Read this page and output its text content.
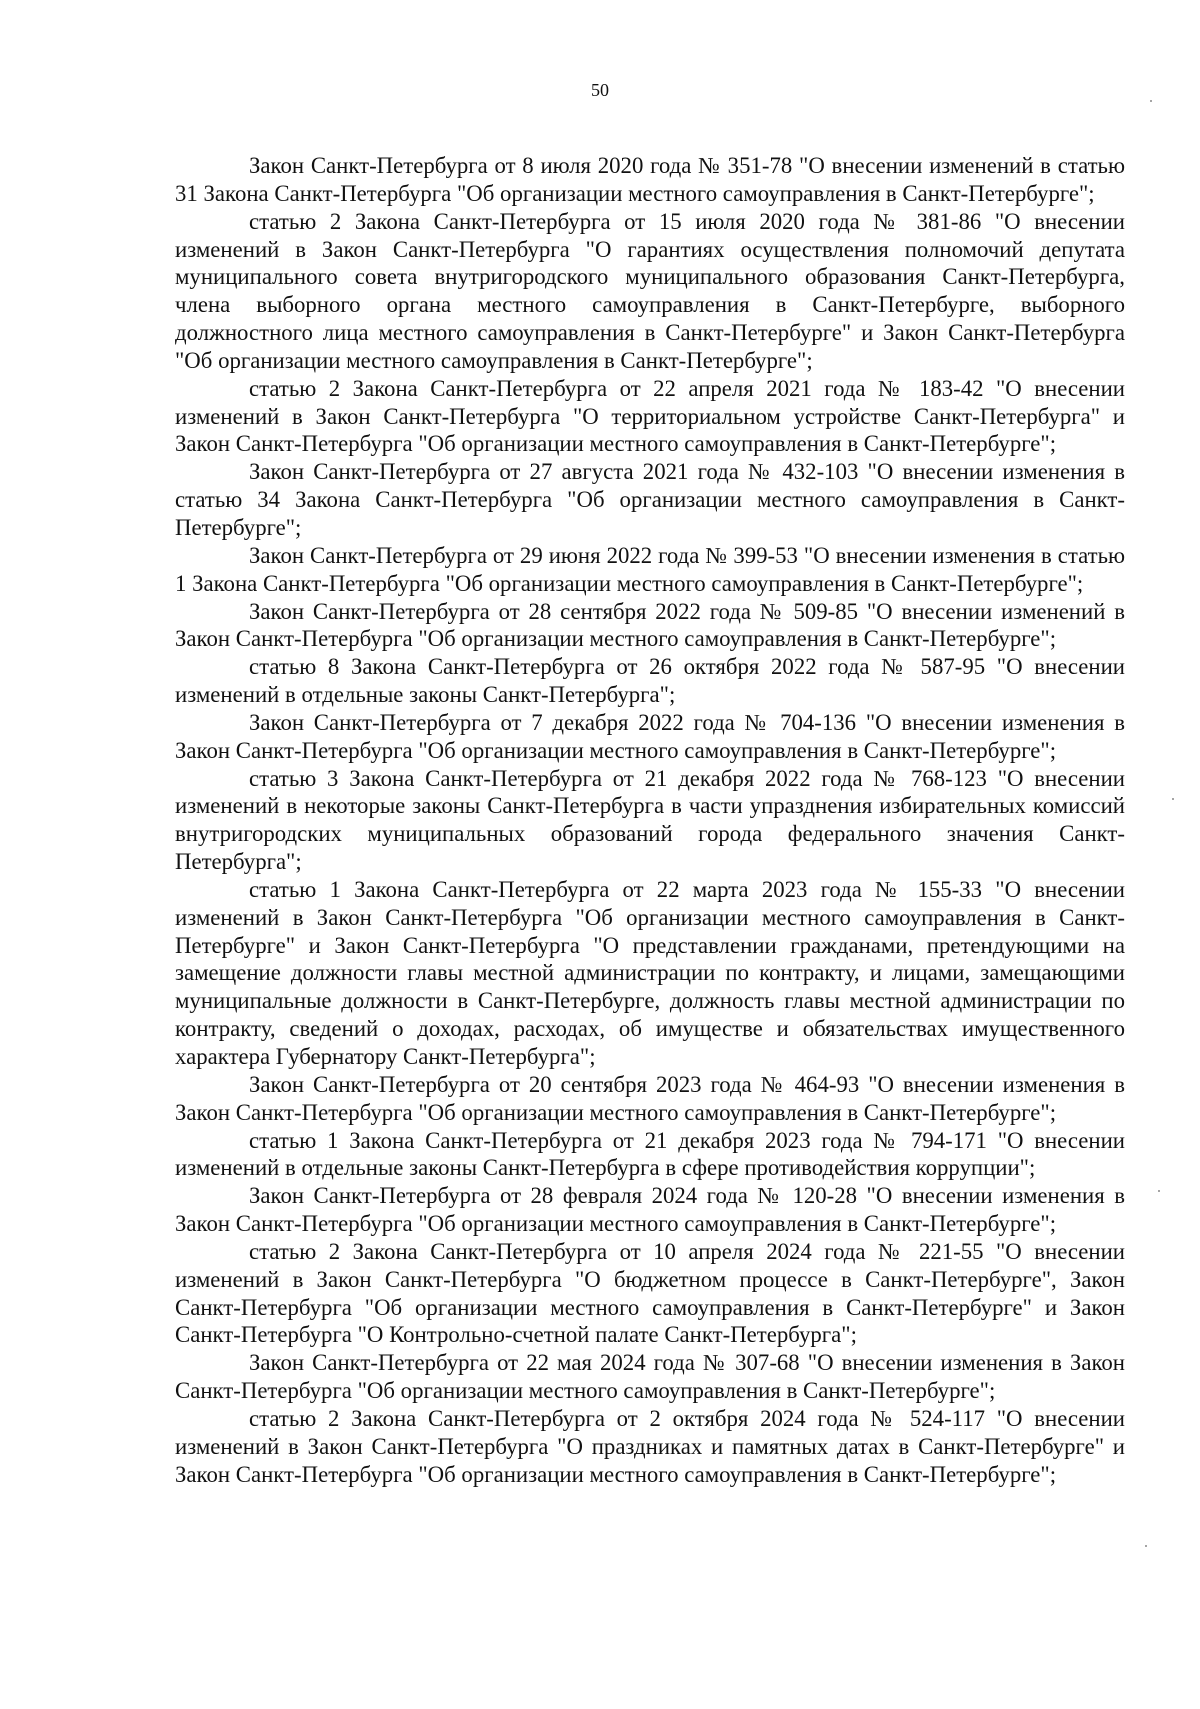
50

Закон Санкт-Петербурга от 8 июля 2020 года № 351-78 "О внесении изменений в статью 31 Закона Санкт-Петербурга "Об организации местного самоуправления в Санкт-Петербурге";

статью 2 Закона Санкт-Петербурга от 15 июля 2020 года № 381-86 "О внесении изменений в Закон Санкт-Петербурга "О гарантиях осуществления полномочий депутата муниципального совета внутригородского муниципального образования Санкт-Петербурга, члена выборного органа местного самоуправления в Санкт-Петербурге, выборного должностного лица местного самоуправления в Санкт-Петербурге" и Закон Санкт-Петербурга "Об организации местного самоуправления в Санкт-Петербурге";

статью 2 Закона Санкт-Петербурга от 22 апреля 2021 года № 183-42 "О внесении изменений в Закон Санкт-Петербурга "О территориальном устройстве Санкт-Петербурга" и Закон Санкт-Петербурга "Об организации местного самоуправления в Санкт-Петербурге";

Закон Санкт-Петербурга от 27 августа 2021 года № 432-103 "О внесении изменения в статью 34 Закона Санкт-Петербурга "Об организации местного самоуправления в Санкт-Петербурге";

Закон Санкт-Петербурга от 29 июня 2022 года № 399-53 "О внесении изменения в статью 1 Закона Санкт-Петербурга "Об организации местного самоуправления в Санкт-Петербурге";

Закон Санкт-Петербурга от 28 сентября 2022 года № 509-85 "О внесении изменений в Закон Санкт-Петербурга "Об организации местного самоуправления в Санкт-Петербурге";

статью 8 Закона Санкт-Петербурга от 26 октября 2022 года № 587-95 "О внесении изменений в отдельные законы Санкт-Петербурга";

Закон Санкт-Петербурга от 7 декабря 2022 года № 704-136 "О внесении изменения в Закон Санкт-Петербурга "Об организации местного самоуправления в Санкт-Петербурге";

статью 3 Закона Санкт-Петербурга от 21 декабря 2022 года № 768-123 "О внесении изменений в некоторые законы Санкт-Петербурга в части упразднения избирательных комиссий внутригородских муниципальных образований города федерального значения Санкт-Петербурга";

статью 1 Закона Санкт-Петербурга от 22 марта 2023 года № 155-33 "О внесении изменений в Закон Санкт-Петербурга "Об организации местного самоуправления в Санкт-Петербурге" и Закон Санкт-Петербурга "О представлении гражданами, претендующими на замещение должности главы местной администрации по контракту, и лицами, замещающими муниципальные должности в Санкт-Петербурге, должность главы местной администрации по контракту, сведений о доходах, расходах, об имуществе и обязательствах имущественного характера Губернатору Санкт-Петербурга";

Закон Санкт-Петербурга от 20 сентября 2023 года № 464-93 "О внесении изменения в Закон Санкт-Петербурга "Об организации местного самоуправления в Санкт-Петербурге";

статью 1 Закона Санкт-Петербурга от 21 декабря 2023 года № 794-171 "О внесении изменений в отдельные законы Санкт-Петербурга в сфере противодействия коррупции";

Закон Санкт-Петербурга от 28 февраля 2024 года № 120-28 "О внесении изменения в Закон Санкт-Петербурга "Об организации местного самоуправления в Санкт-Петербурге";

статью 2 Закона Санкт-Петербурга от 10 апреля 2024 года № 221-55 "О внесении изменений в Закон Санкт-Петербурга "О бюджетном процессе в Санкт-Петербурге", Закон Санкт-Петербурга "Об организации местного самоуправления в Санкт-Петербурге" и Закон Санкт-Петербурга "О Контрольно-счетной палате Санкт-Петербурга";

Закон Санкт-Петербурга от 22 мая 2024 года № 307-68 "О внесении изменения в Закон Санкт-Петербурга "Об организации местного самоуправления в Санкт-Петербурге";

статью 2 Закона Санкт-Петербурга от 2 октября 2024 года № 524-117 "О внесении изменений в Закон Санкт-Петербурга "О праздниках и памятных датах в Санкт-Петербурге" и Закон Санкт-Петербурга "Об организации местного самоуправления в Санкт-Петербурге";
